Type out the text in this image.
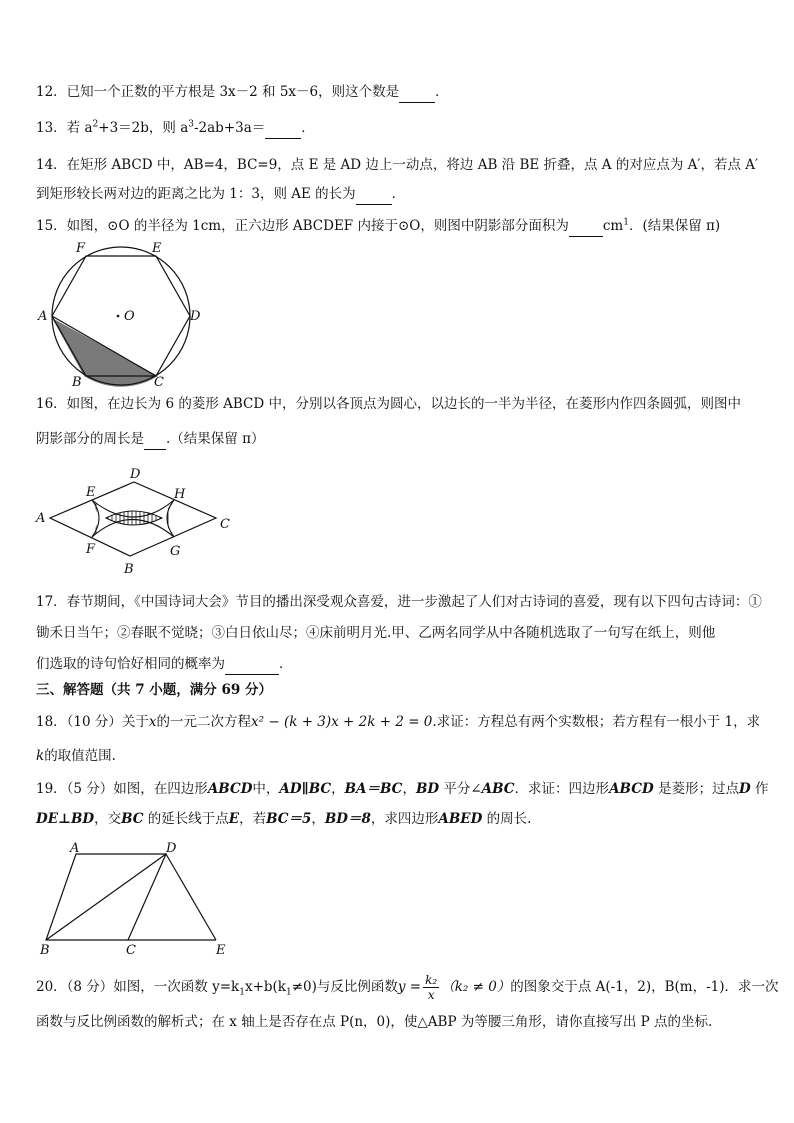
12．已知一个正数的平方根是 3x－2 和 5x－6，则这个数是	．
13．若 $a^2+3=2b$，则 $a^3-2ab+3a=$	．
14．在矩形 ABCD 中，AB=4，BC=9，点 E 是 AD 边上一动点，将边 AB 沿 BE 折叠，点 A 的对应点为 A′，若点 A′
到矩形较长两对边的距离之比为 1：3，则 AE 的长为	．
15．如图，⊙O 的半径为 1cm，正六边形 ABCDEF 内接于⊙O，则图中阴影部分面积为	$cm^1$．(结果保留 π)
F	E
A	O	D
B	C
16．如图，在边长为 6 的菱形 ABCD 中，分别以各顶点为圆心，以边长的一半为半径，在菱形内作四条圆弧，则图中
阴影部分的周长是 .（结果保留 π）
D
E	H
A	C
F	G
B
17．春节期间，《中国诗词大会》节目的播出深受观众喜爱，进一步激起了人们对古诗词的喜爱，现有以下四句古诗词：①
锄禾日当午；②春眠不觉晓；③白日依山尽；④床前明月光.甲、乙两名同学从中各随机选取了一句写在纸上，则他
们选取的诗句恰好相同的概率为	．
三、解答题（共 7 小题，满分 69 分）
18．（10 分）关于x的一元二次方程x² − (k + 3)x + 2k + 2 = 0.求证：方程总有两个实数根；若方程有一根小于 1，求
k的取值范围.
19．（5 分）如图，在四边形ABCD中，AD∥BC，BA＝BC，BD 平分∠ABC．求证：四边形ABCD 是菱形；过点D 作
DE⊥BD，交BC 的延长线于点E，若BC＝5，BD＝8，求四边形ABED 的周长.
A	D
B	C	E
20．（8 分）如图，一次函数 $y=k_1x+b(k_1\ne 0)$与反比例函数$y = \frac{\text{k₂}}{x} (k_2 \ne 0)$的图象交于点 A(-1，2)，B(m，-1)．求一次
函数与反比例函数的解析式；在 x 轴上是否存在点 P(n，0)，使△ABP 为等腰三角形，请你直接写出 P 点的坐标.
